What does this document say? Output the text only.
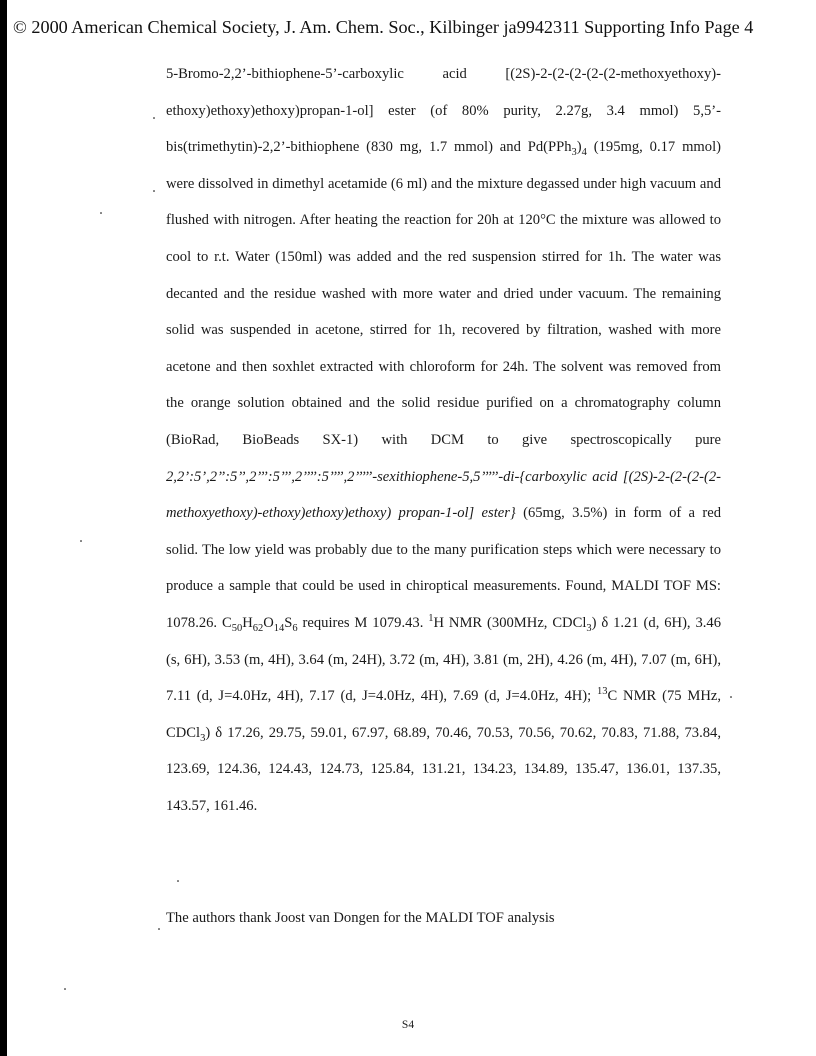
© 2000 American Chemical Society, J. Am. Chem. Soc., Kilbinger ja9942311 Supporting Info Page 4

5-Bromo-2,2’-bithiophene-5’-carboxylic acid [(2S)-2-(2-(2-(2-(2-methoxyethoxy)-ethoxy)ethoxy)ethoxy)propan-1-ol] ester (of 80% purity, 2.27g, 3.4 mmol) 5,5’-bis(trimethytin)-2,2’-bithiophene (830 mg, 1.7 mmol) and $Pd(PPh_3)_4$ (195mg, 0.17 mmol) were dissolved in dimethyl acetamide (6 ml) and the mixture degassed under high vacuum and flushed with nitrogen. After heating the reaction for 20h at 120°C the mixture was allowed to cool to r.t. Water (150ml) was added and the red suspension stirred for 1h. The water was decanted and the residue washed with more water and dried under vacuum. The remaining solid was suspended in acetone, stirred for 1h, recovered by filtration, washed with more acetone and then soxhlet extracted with chloroform for 24h. The solvent was removed from the orange solution obtained and the solid residue purified on a chromatography column (BioRad, BioBeads SX-1) with DCM to give spectroscopically pure 2,2’:5’,2’’:5’’,2’’’:5’’’,2’’’’:5’’’’,2’’’’’-sexithiophene-5,5’’’’’-di-{carboxylic acid [(2S)-2-(2-(2-(2-methoxyethoxy)-ethoxy)ethoxy)ethoxy) propan-1-ol] ester} (65mg, 3.5%) in form of a red solid. The low yield was probably due to the many purification steps which were necessary to produce a sample that could be used in chiroptical measurements. Found, MALDI TOF MS: 1078.26. $C_{50}H_{62}O_{14}S_6$ requires M 1079.43. $^1$H NMR (300MHz, CDCl$_3$) δ 1.21 (d, 6H), 3.46 (s, 6H), 3.53 (m, 4H), 3.64 (m, 24H), 3.72 (m, 4H), 3.81 (m, 2H), 4.26 (m, 4H), 7.07 (m, 6H), 7.11 (d, J=4.0Hz, 4H), 7.17 (d, J=4.0Hz, 4H), 7.69 (d, J=4.0Hz, 4H); $^{13}$C NMR (75 MHz, CDCl$_3$) δ 17.26, 29.75, 59.01, 67.97, 68.89, 70.46, 70.53, 70.56, 70.62, 70.83, 71.88, 73.84, 123.69, 124.36, 124.43, 124.73, 125.84, 131.21, 134.23, 134.89, 135.47, 136.01, 137.35, 143.57, 161.46.

The authors thank Joost van Dongen for the MALDI TOF analysis

S4
